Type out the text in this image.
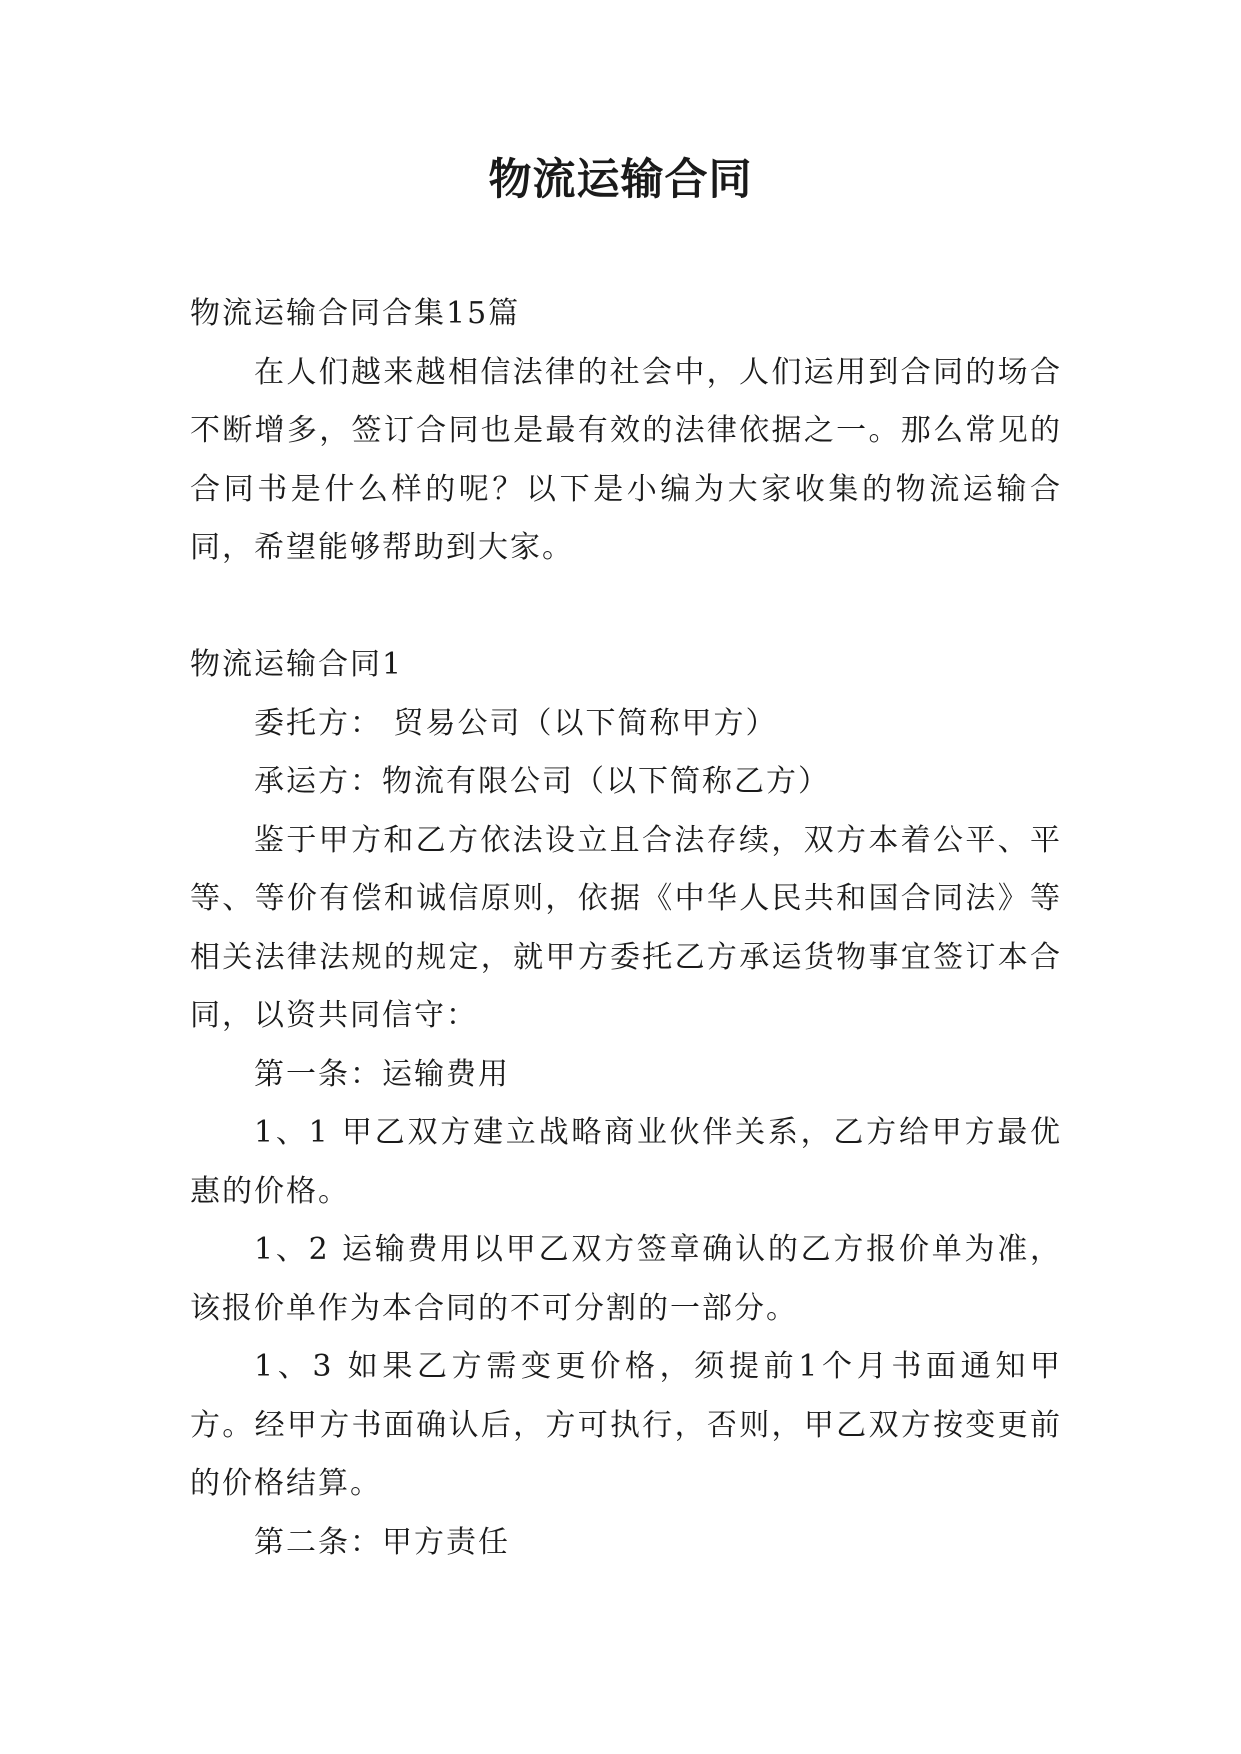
物流运输合同

物流运输合同合集15篇

在人们越来越相信法律的社会中，人们运用到合同的场合不断增多，签订合同也是最有效的法律依据之一。那么常见的合同书是什么样的呢？以下是小编为大家收集的物流运输合同，希望能够帮助到大家。

物流运输合同1

委托方： 贸易公司（以下简称甲方）

承运方：物流有限公司（以下简称乙方）

鉴于甲方和乙方依法设立且合法存续，双方本着公平、平等、等价有偿和诚信原则，依据《中华人民共和国合同法》等相关法律法规的规定，就甲方委托乙方承运货物事宜签订本合同，以资共同信守：

第一条：运输费用

1、1 甲乙双方建立战略商业伙伴关系，乙方给甲方最优惠的价格。

1、2 运输费用以甲乙双方签章确认的乙方报价单为准，该报价单作为本合同的不可分割的一部分。

1、3 如果乙方需变更价格，须提前1个月书面通知甲方。经甲方书面确认后，方可执行，否则，甲乙双方按变更前的价格结算。

第二条：甲方责任
